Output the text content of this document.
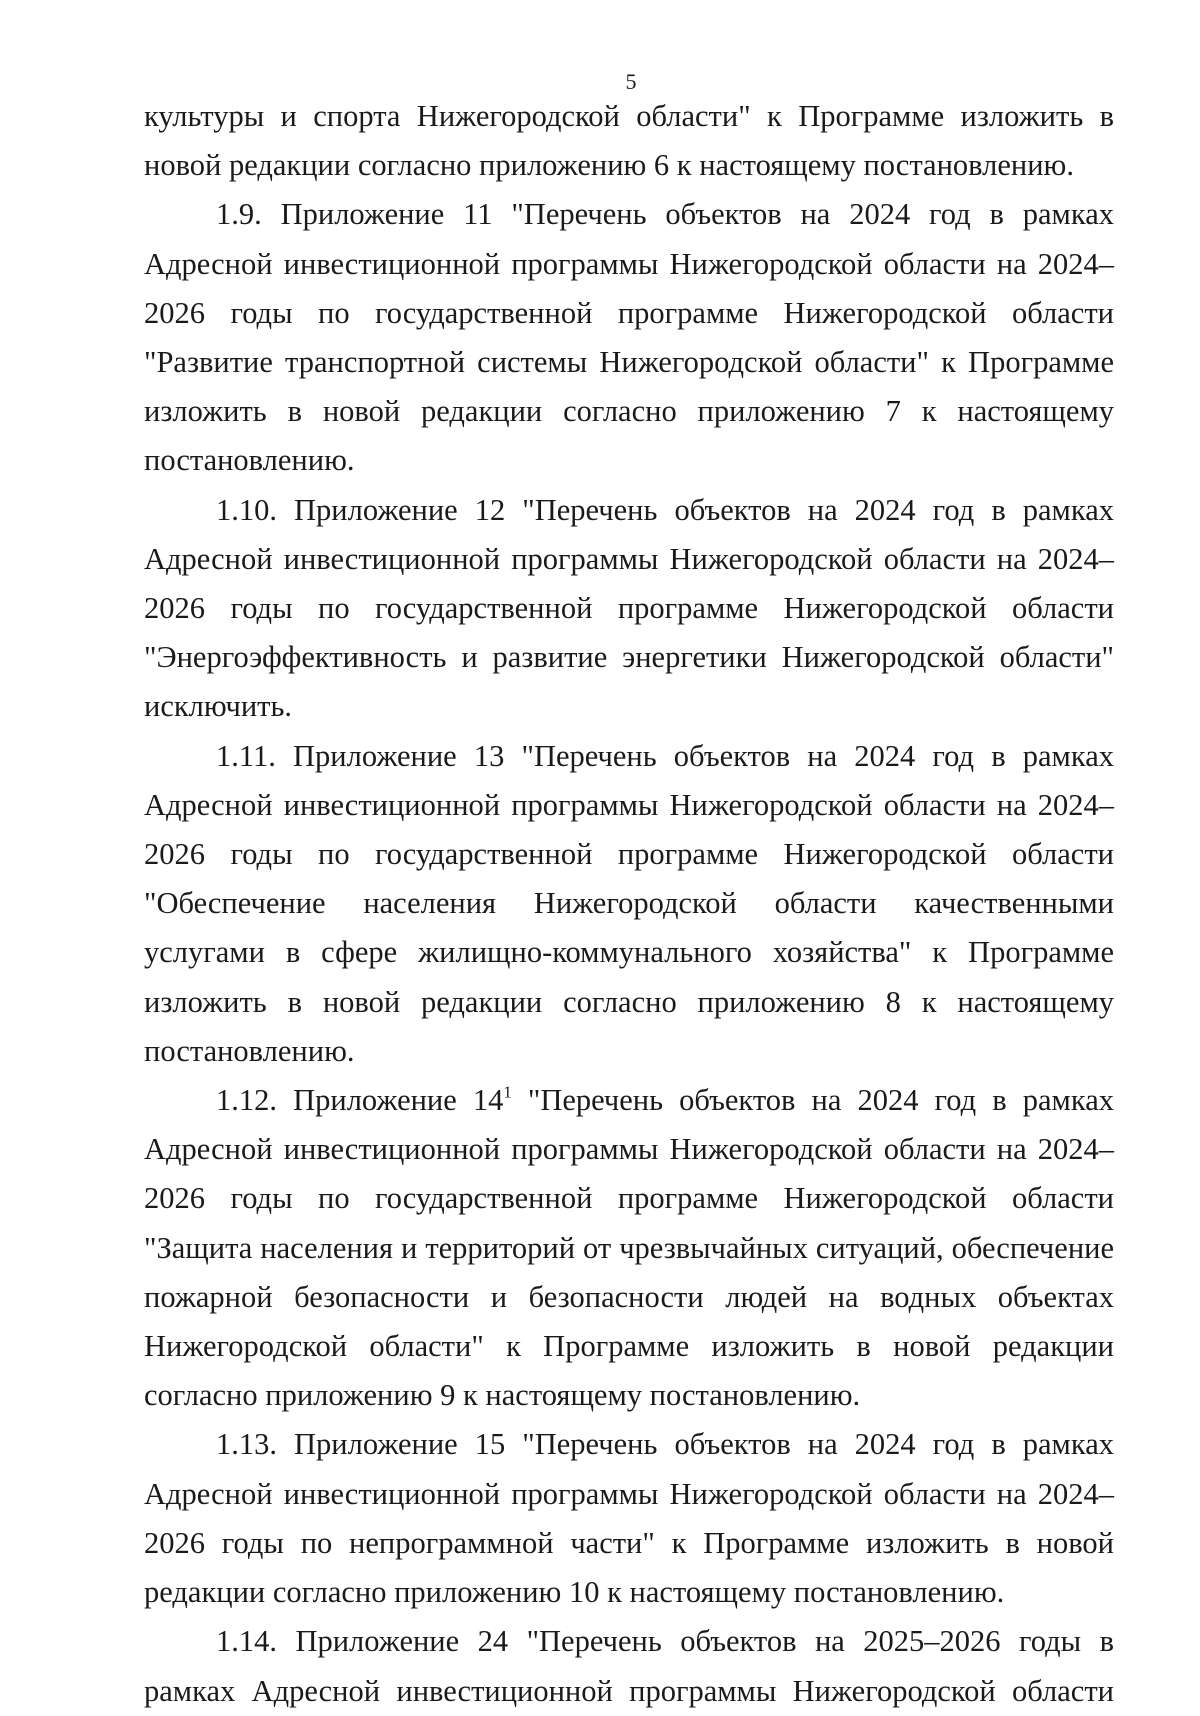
5

культуры и спорта Нижегородской области" к Программе изложить в новой редакции согласно приложению 6 к настоящему постановлению.

1.9. Приложение 11 "Перечень объектов на 2024 год в рамках Адресной инвестиционной программы Нижегородской области на 2024–2026 годы по государственной программе Нижегородской области "Развитие транспортной системы Нижегородской области" к Программе изложить в новой редакции согласно приложению 7 к настоящему постановлению.

1.10. Приложение 12 "Перечень объектов на 2024 год в рамках Адресной инвестиционной программы Нижегородской области на 2024–2026 годы по государственной программе Нижегородской области "Энергоэффективность и развитие энергетики Нижегородской области" исключить.

1.11. Приложение 13 "Перечень объектов на 2024 год в рамках Адресной инвестиционной программы Нижегородской области на 2024–2026 годы по государственной программе Нижегородской области "Обеспечение населения Нижегородской области качественными услугами в сфере жилищно-коммунального хозяйства" к Программе изложить в новой редакции согласно приложению 8 к настоящему постановлению.

1.12. Приложение $14^1$ "Перечень объектов на 2024 год в рамках Адресной инвестиционной программы Нижегородской области на 2024–2026 годы по государственной программе Нижегородской области "Защита населения и территорий от чрезвычайных ситуаций, обеспечение пожарной безопасности и безопасности людей на водных объектах Нижегородской области" к Программе изложить в новой редакции согласно приложению 9 к настоящему постановлению.

1.13. Приложение 15 "Перечень объектов на 2024 год в рамках Адресной инвестиционной программы Нижегородской области на 2024–2026 годы по непрограммной части" к Программе изложить в новой редакции согласно приложению 10 к настоящему постановлению.

1.14. Приложение 24 "Перечень объектов на 2025–2026 годы в рамках Адресной инвестиционной программы Нижегородской области
